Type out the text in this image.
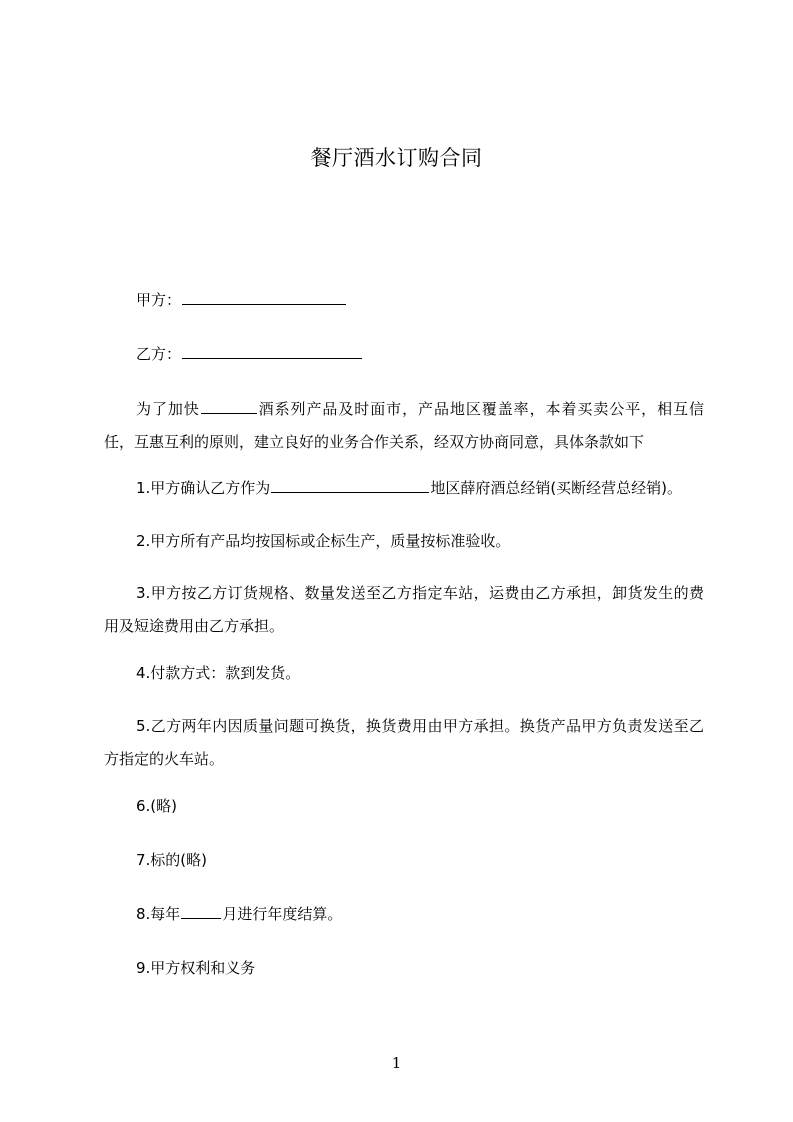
餐厅酒水订购合同
甲方：
乙方：
为了加快	酒系列产品及时面市，产品地区覆盖率，本着买卖公平，相互信任，互惠互利的原则，建立良好的业务合作关系，经双方协商同意，具体条款如下
1.甲方确认乙方作为	地区薛府酒总经销(买断经营总经销)。
2.甲方所有产品均按国标或企标生产，质量按标准验收。
3.甲方按乙方订货规格、数量发送至乙方指定车站，运费由乙方承担，卸货发生的费用及短途费用由乙方承担。
4.付款方式：款到发货。
5.乙方两年内因质量问题可换货，换货费用由甲方承担。换货产品甲方负责发送至乙方指定的火车站。
6.(略)
7.标的(略)
8.每年	月进行年度结算。
9.甲方权利和义务
1
